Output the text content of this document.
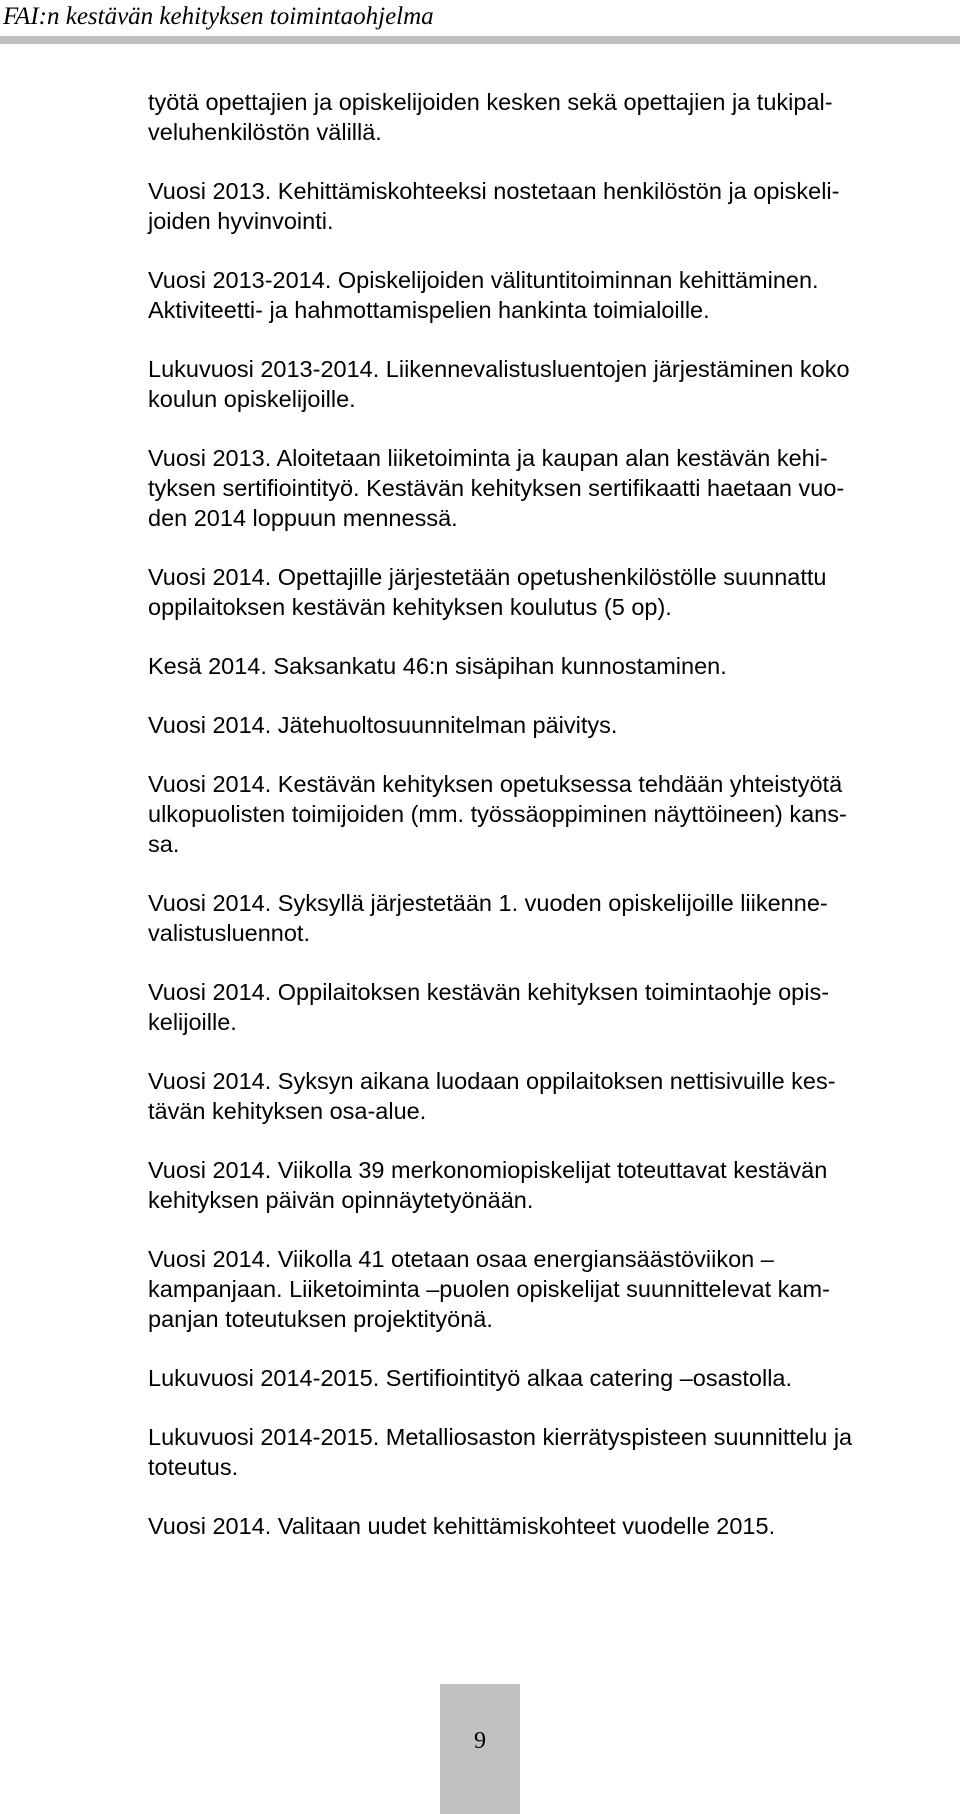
FAI:n kestävän kehityksen toimintaohjelma

työtä opettajien ja opiskelijoiden kesken sekä opettajien ja tukipal-
veluhenkilöstön välillä.

Vuosi 2013. Kehittämiskohteeksi nostetaan henkilöstön ja opiskeli-
joiden hyvinvointi.

Vuosi 2013-2014. Opiskelijoiden välituntitoiminnan kehittäminen.
Aktiviteetti- ja hahmottamispelien hankinta toimialoille.

Lukuvuosi 2013-2014. Liikennevalistusluentojen järjestäminen koko
koulun opiskelijoille.

Vuosi 2013. Aloitetaan liiketoiminta ja kaupan alan kestävän kehi-
tyksen sertifiointityö. Kestävän kehityksen sertifikaatti haetaan vuo-
den 2014 loppuun mennessä.

Vuosi 2014. Opettajille järjestetään opetushenkilöstölle suunnattu
oppilaitoksen kestävän kehityksen koulutus (5 op).

Kesä 2014. Saksankatu 46:n sisäpihan kunnostaminen.

Vuosi 2014. Jätehuoltosuunnitelman päivitys.

Vuosi 2014. Kestävän kehityksen opetuksessa tehdään yhteistyötä
ulkopuolisten toimijoiden (mm. työssäoppiminen näyttöineen) kans-
sa.

Vuosi 2014. Syksyllä järjestetään 1. vuoden opiskelijoille liikenne-
valistusluennot.

Vuosi 2014. Oppilaitoksen kestävän kehityksen toimintaohje opis-
kelijoille.

Vuosi 2014. Syksyn aikana luodaan oppilaitoksen nettisivuille kes-
tävän kehityksen osa-alue.

Vuosi 2014. Viikolla 39 merkonomiopiskelijat toteuttavat kestävän
kehityksen päivän opinnäytetyönään.

Vuosi 2014. Viikolla 41 otetaan osaa energiansäästöviikon –
kampanjaan. Liiketoiminta –puolen opiskelijat suunnittelevat kam-
panjan toteutuksen projektityönä.

Lukuvuosi 2014-2015. Sertifiointityö alkaa catering –osastolla.

Lukuvuosi 2014-2015. Metalliosaston kierrätyspisteen suunnittelu ja
toteutus.

Vuosi 2014. Valitaan uudet kehittämiskohteet vuodelle 2015.

9
